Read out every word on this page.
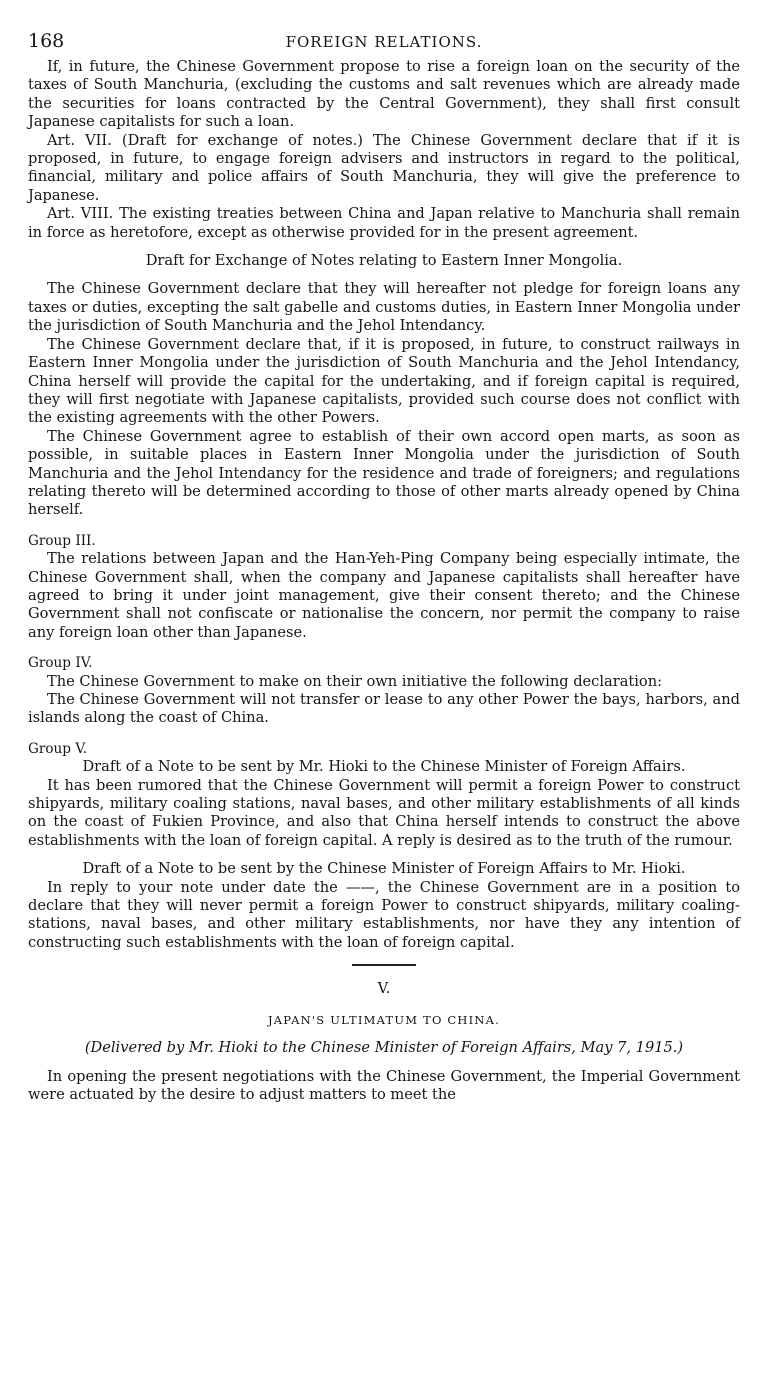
168	FOREIGN RELATIONS.

If, in future, the Chinese Government propose to rise a foreign loan on the security of the taxes of South Manchuria, (excluding the customs and salt revenues which are already made the securities for loans contracted by the Central Government), they shall first consult Japanese capitalists for such a loan.

Art. VII. (Draft for exchange of notes.) The Chinese Government declare that if it is proposed, in future, to engage foreign advisers and instructors in regard to the political, financial, military and police affairs of South Manchuria, they will give the preference to Japanese.

Art. VIII. The existing treaties between China and Japan relative to Manchuria shall remain in force as heretofore, except as otherwise provided for in the present agreement.

Draft for Exchange of Notes relating to Eastern Inner Mongolia.

The Chinese Government declare that they will hereafter not pledge for foreign loans any taxes or duties, excepting the salt gabelle and customs duties, in Eastern Inner Mongolia under the jurisdiction of South Manchuria and the Jehol Intendancy.

The Chinese Government declare that, if it is proposed, in future, to construct railways in Eastern Inner Mongolia under the jurisdiction of South Manchuria and the Jehol Intendancy, China herself will provide the capital for the undertaking, and if foreign capital is required, they will first negotiate with Japanese capitalists, provided such course does not conflict with the existing agreements with the other Powers.

The Chinese Government agree to establish of their own accord open marts, as soon as possible, in suitable places in Eastern Inner Mongolia under the jurisdiction of South Manchuria and the Jehol Intendancy for the residence and trade of foreigners; and regulations relating thereto will be determined according to those of other marts already opened by China herself.

Group III.

The relations between Japan and the Han-Yeh-Ping Company being especially intimate, the Chinese Government shall, when the company and Japanese capitalists shall hereafter have agreed to bring it under joint management, give their consent thereto; and the Chinese Government shall not confiscate or nationalise the concern, nor permit the company to raise any foreign loan other than Japanese.

Group IV.

The Chinese Government to make on their own initiative the following declaration:

The Chinese Government will not transfer or lease to any other Power the bays, harbors, and islands along the coast of China.

Group V.

Draft of a Note to be sent by Mr. Hioki to the Chinese Minister of Foreign Affairs.

It has been rumored that the Chinese Government will permit a foreign Power to construct shipyards, military coaling stations, naval bases, and other military establishments of all kinds on the coast of Fukien Province, and also that China herself intends to construct the above establishments with the loan of foreign capital. A reply is desired as to the truth of the rumour.

Draft of a Note to be sent by the Chinese Minister of Foreign Affairs to Mr. Hioki.

In reply to your note under date the ——, the Chinese Government are in a position to declare that they will never permit a foreign Power to construct shipyards, military coaling-stations, naval bases, and other military establishments, nor have they any intention of constructing such establishments with the loan of foreign capital.

V.

JAPAN'S ULTIMATUM TO CHINA.

(Delivered by Mr. Hioki to the Chinese Minister of Foreign Affairs, May 7, 1915.)

In opening the present negotiations with the Chinese Government, the Imperial Government were actuated by the desire to adjust matters to meet the
